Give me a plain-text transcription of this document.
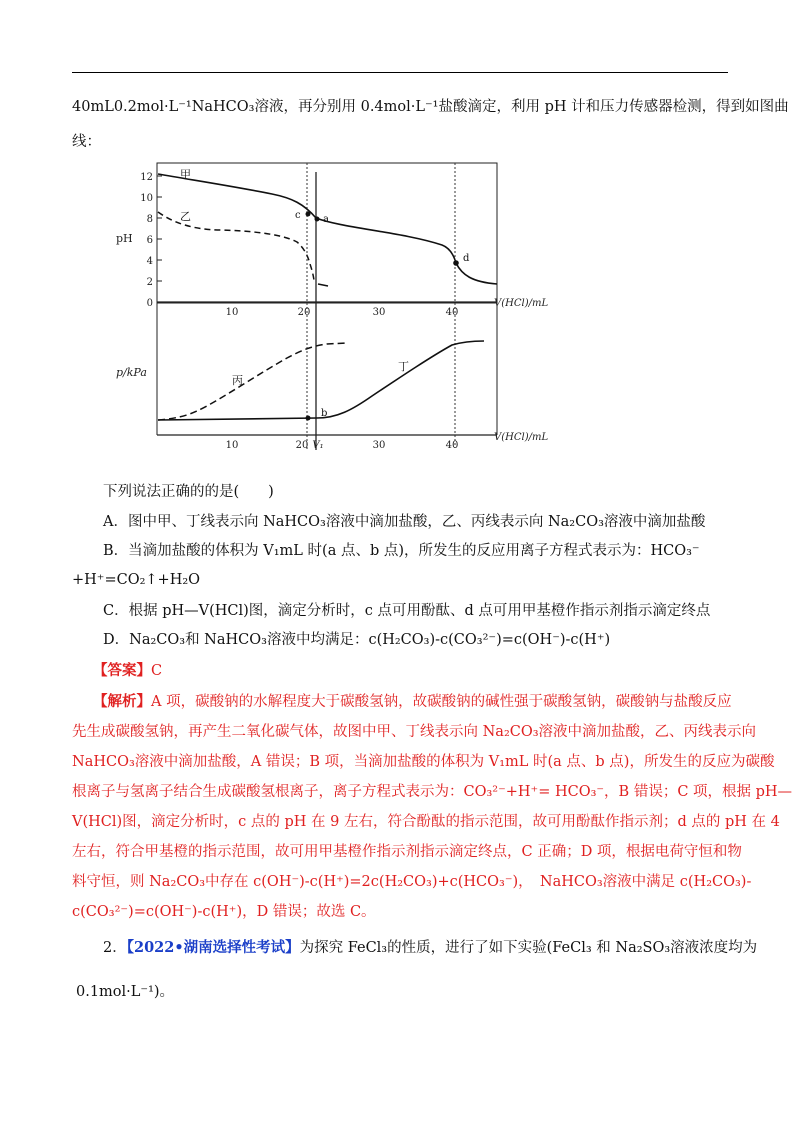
40mL0.2mol·L⁻¹NaHCO₃溶液，再分别用 0.4mol·L⁻¹盐酸滴定，利用 pH 计和压力传感器检测，得到如图曲
线：
0
2
4
6
8
10
12
pH
10	20	30	40
V(HCl)/mL
甲
乙	c a
d
10	20 V₁	30	40
V(HCl)/mL
p/kPa
丙
丁
b
下列说法正确的的是(　　)
A．图中甲、丁线表示向 NaHCO₃溶液中滴加盐酸，乙、丙线表示向 Na₂CO₃溶液中滴加盐酸
B．当滴加盐酸的体积为 V₁mL 时(a 点、b 点)，所发生的反应用离子方程式表示为：HCO₃⁻
+H⁺=CO₂↑+H₂O
C．根据 pH—V(HCl)图，滴定分析时，c 点可用酚酞、d 点可用甲基橙作指示剂指示滴定终点
D．Na₂CO₃和 NaHCO₃溶液中均满足：c(H₂CO₃)-c(CO₃²⁻)=c(OH⁻)-c(H⁺)
【答案】C
【解析】A 项，碳酸钠的水解程度大于碳酸氢钠，故碳酸钠的碱性强于碳酸氢钠，碳酸钠与盐酸反应
先生成碳酸氢钠，再产生二氧化碳气体，故图中甲、丁线表示向 Na₂CO₃溶液中滴加盐酸，乙、丙线表示向
NaHCO₃溶液中滴加盐酸，A 错误；B 项，当滴加盐酸的体积为 V₁mL 时(a 点、b 点)，所发生的反应为碳酸
根离子与氢离子结合生成碳酸氢根离子，离子方程式表示为：CO₃²⁻+H⁺= HCO₃⁻，B 错误；C 项，根据 pH—
V(HCl)图，滴定分析时，c 点的 pH 在 9 左右，符合酚酞的指示范围，故可用酚酞作指示剂；d 点的 pH 在 4
左右，符合甲基橙的指示范围，故可用甲基橙作指示剂指示滴定终点，C 正确；D 项，根据电荷守恒和物
料守恒，则 Na₂CO₃中存在 c(OH⁻)-c(H⁺)=2c(H₂CO₃)+c(HCO₃⁻)，　NaHCO₃溶液中满足 c(H₂CO₃)-
c(CO₃²⁻)=c(OH⁻)-c(H⁺)，D 错误；故选 C。
2．【2022•湖南选择性考试】为探究 FeCl₃的性质，进行了如下实验(FeCl₃ 和 Na₂SO₃溶液浓度均为
0.1mol·L⁻¹)。
